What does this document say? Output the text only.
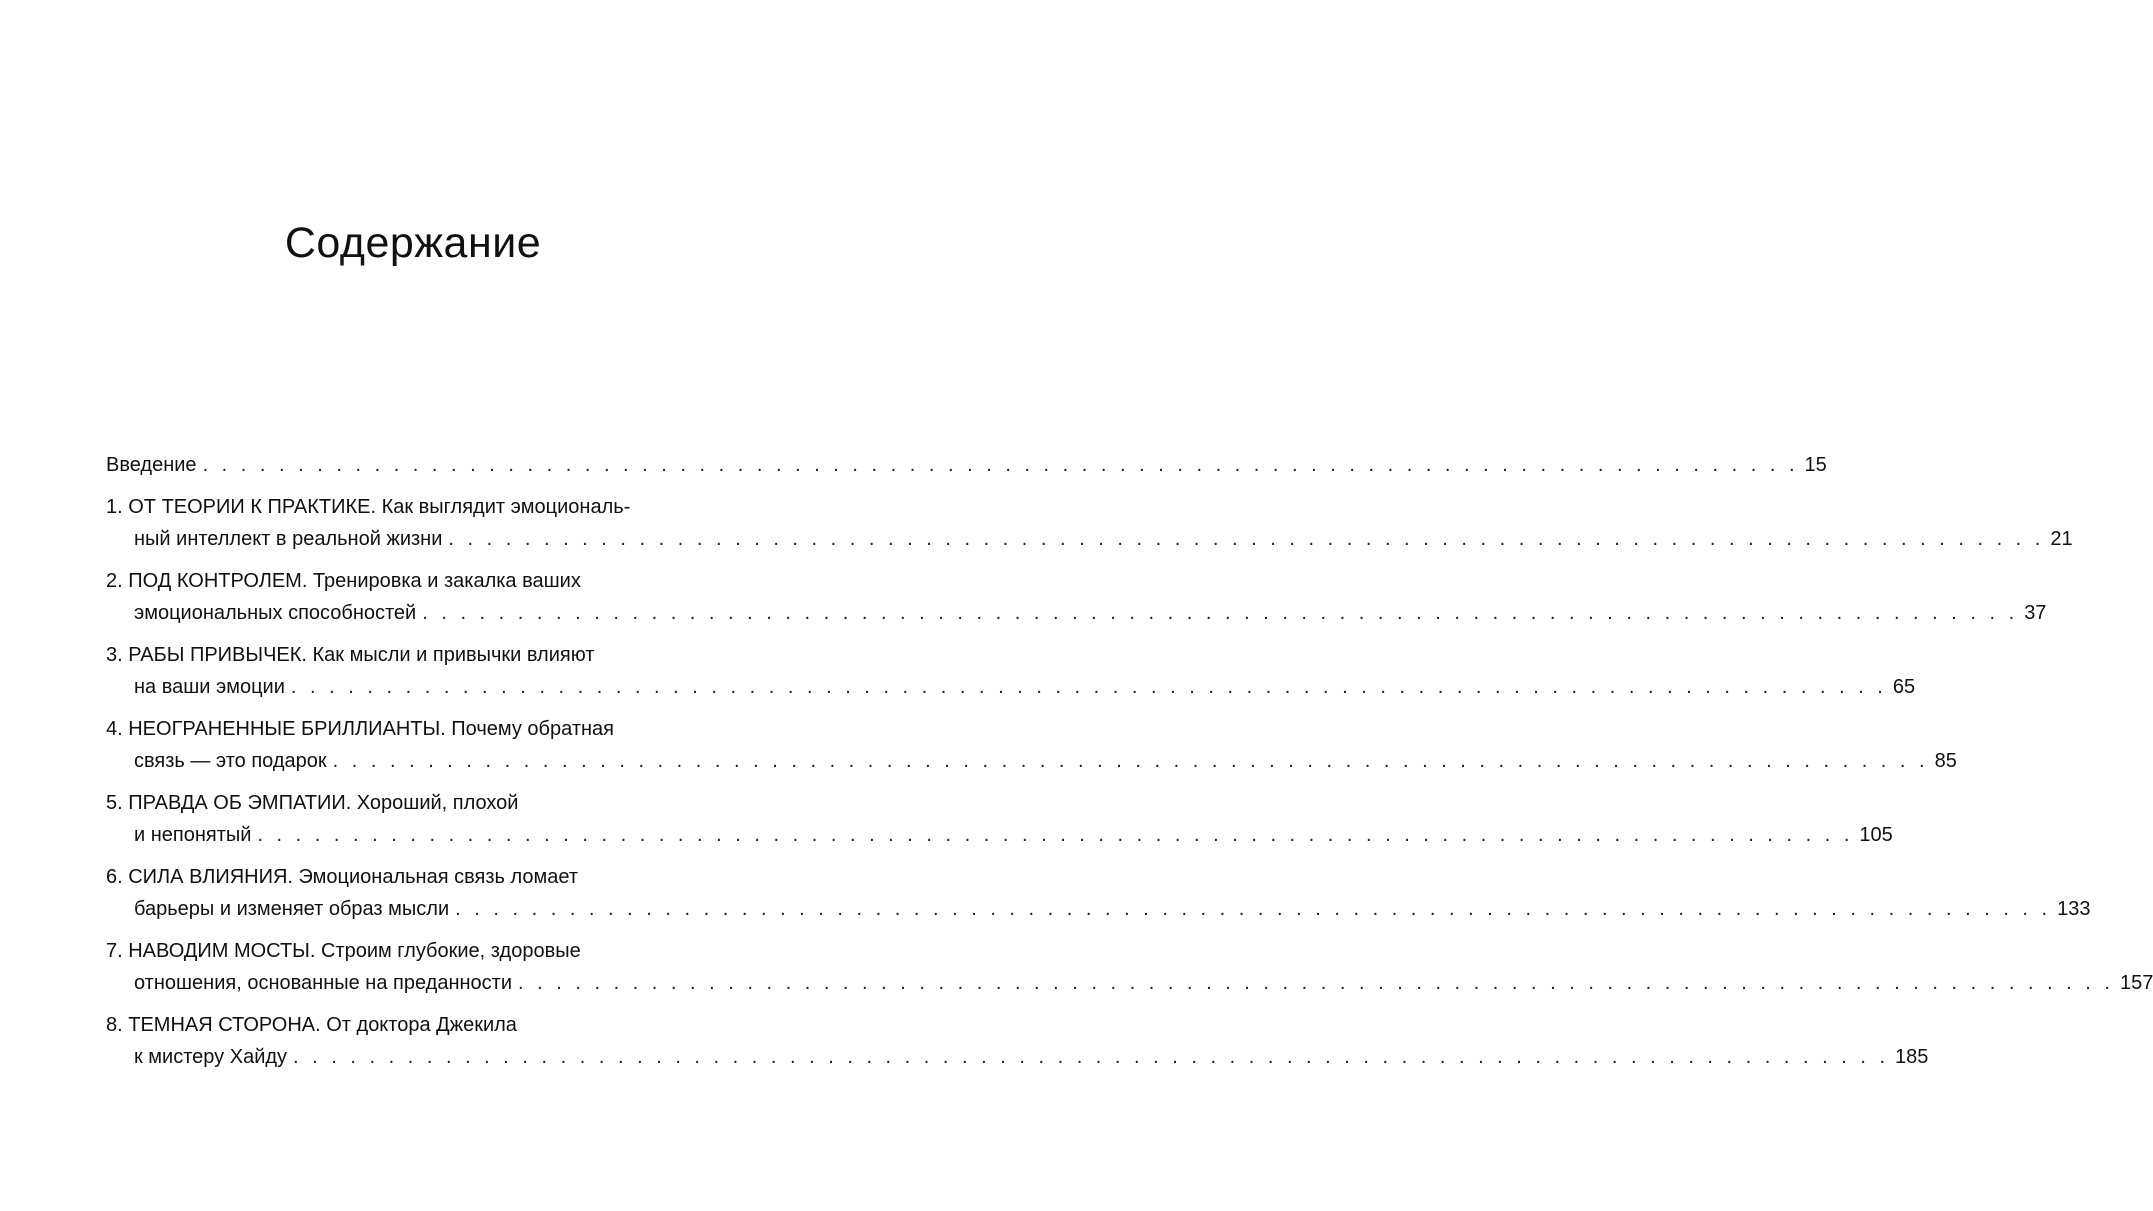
Содержание
Введение . . . . . . . . . . . . . . . . . . . . . . . . . . . . . . . . . . . . . . . . . . . . . . . . . . . . . . . . . . . . . . . . . . . . . . . . . . . . . . . . . . . . 15
1. ОТ ТЕОРИИ К ПРАКТИКЕ. Как выглядит эмоциональ-
ный интеллект в реальной жизни . . . . . . . . . . . . . . . . . . . . . . . . . . . . . . . . . . . . . . . . . . . . . . . . . . . . . . . . . . . . . . . . . . . . . . . . . . . . . . . . . . . . 21
2. ПОД КОНТРОЛЕМ. Тренировка и закалка ваших
эмоциональных способностей . . . . . . . . . . . . . . . . . . . . . . . . . . . . . . . . . . . . . . . . . . . . . . . . . . . . . . . . . . . . . . . . . . . . . . . . . . . . . . . . . . . . 37
3. РАБЫ ПРИВЫЧЕК. Как мысли и привычки влияют
на ваши эмоции . . . . . . . . . . . . . . . . . . . . . . . . . . . . . . . . . . . . . . . . . . . . . . . . . . . . . . . . . . . . . . . . . . . . . . . . . . . . . . . . . . . . 65
4. НЕОГРАНЕННЫЕ БРИЛЛИАНТЫ. Почему обратная
связь — это подарок . . . . . . . . . . . . . . . . . . . . . . . . . . . . . . . . . . . . . . . . . . . . . . . . . . . . . . . . . . . . . . . . . . . . . . . . . . . . . . . . . . . . 85
5. ПРАВДА ОБ ЭМПАТИИ. Хороший, плохой
и непонятый . . . . . . . . . . . . . . . . . . . . . . . . . . . . . . . . . . . . . . . . . . . . . . . . . . . . . . . . . . . . . . . . . . . . . . . . . . . . . . . . . . . . 105
6. СИЛА ВЛИЯНИЯ. Эмоциональная связь ломает
барьеры и изменяет образ мысли . . . . . . . . . . . . . . . . . . . . . . . . . . . . . . . . . . . . . . . . . . . . . . . . . . . . . . . . . . . . . . . . . . . . . . . . . . . . . . . . . . . . 133
7. НАВОДИМ МОСТЫ. Строим глубокие, здоровые
отношения, основанные на преданности . . . . . . . . . . . . . . . . . . . . . . . . . . . . . . . . . . . . . . . . . . . . . . . . . . . . . . . . . . . . . . . . . . . . . . . . . . . . . . . . . . . . 157
8. ТЕМНАЯ СТОРОНА. От доктора Джекила
к мистеру Хайду . . . . . . . . . . . . . . . . . . . . . . . . . . . . . . . . . . . . . . . . . . . . . . . . . . . . . . . . . . . . . . . . . . . . . . . . . . . . . . . . . . . . 185
